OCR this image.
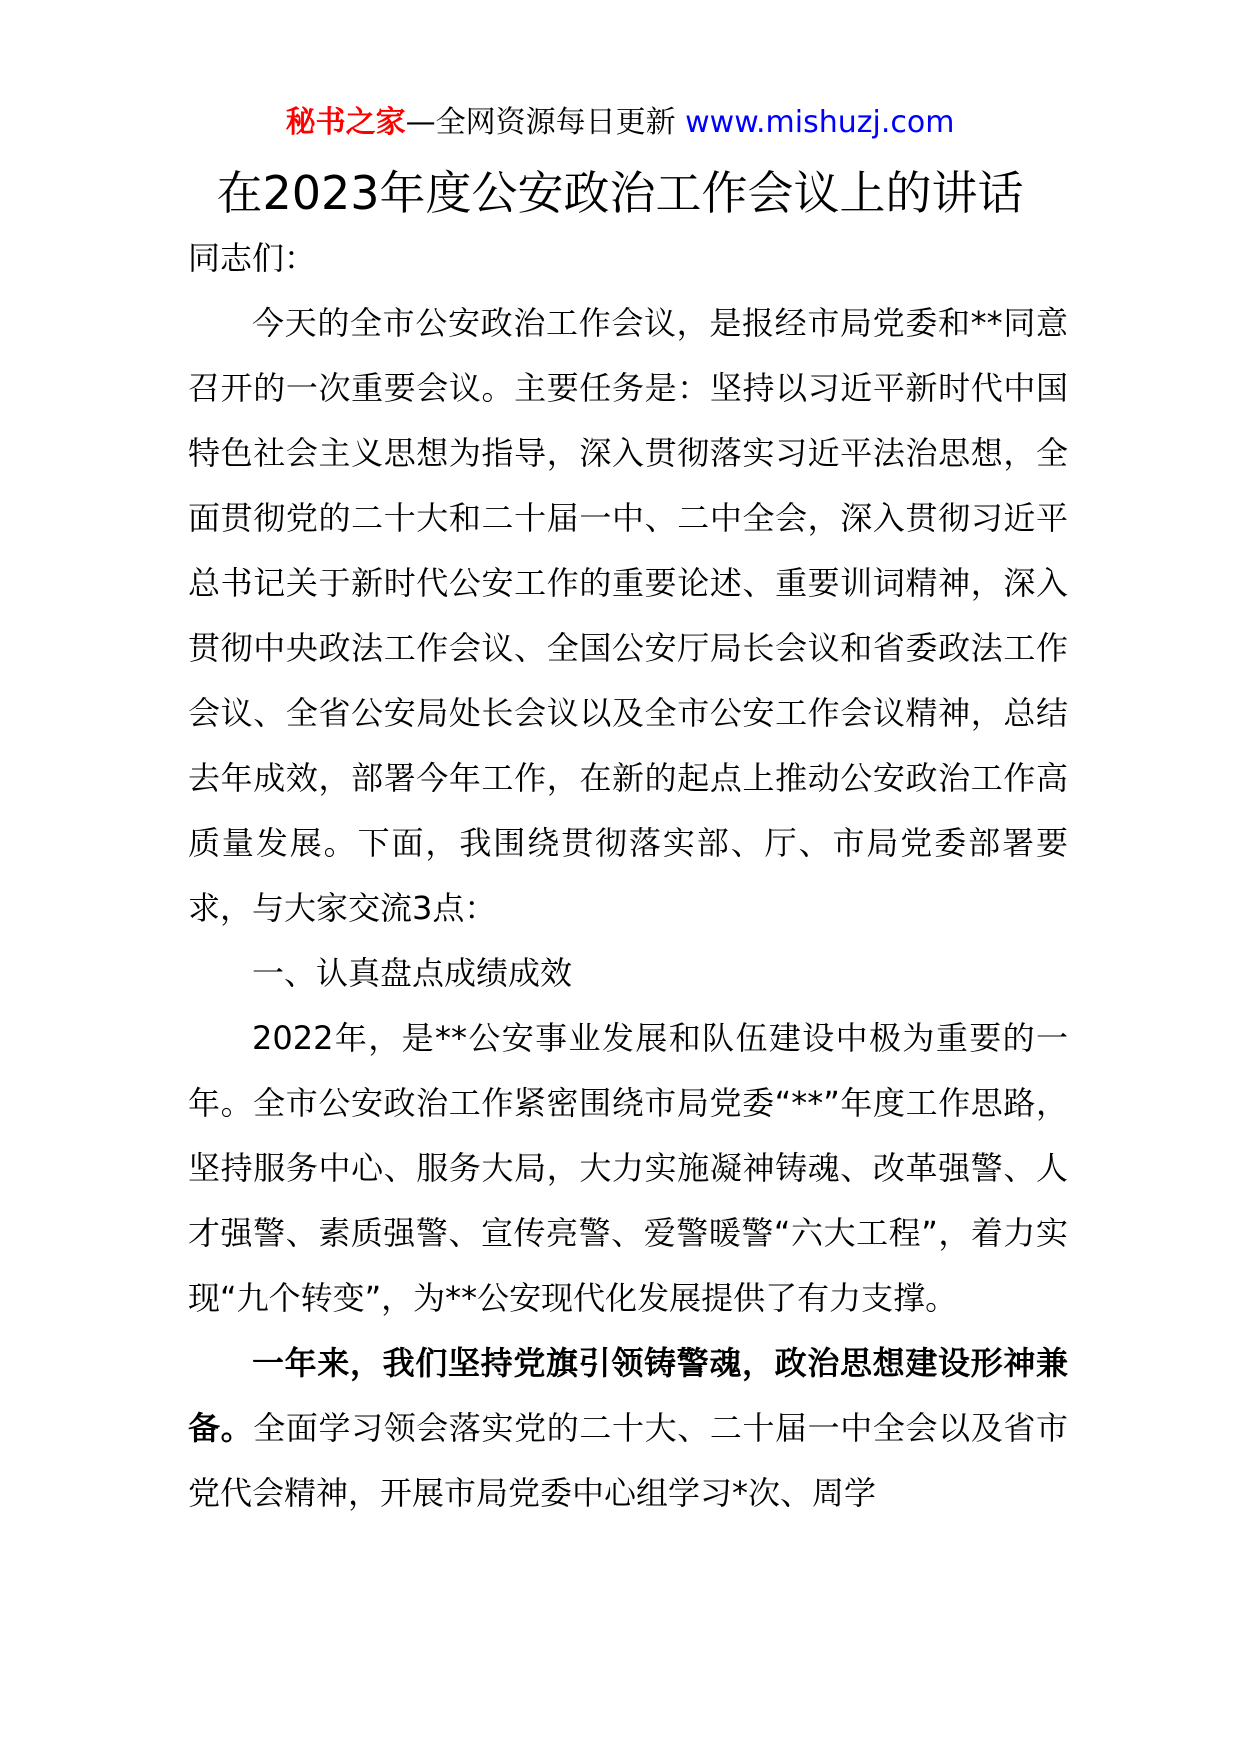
秘书之家—全网资源每日更新 www.mishuzj.com
在2023年度公安政治工作会议上的讲话

同志们：

今天的全市公安政治工作会议，是报经市局党委和**同意召开的一次重要会议。主要任务是：坚持以习近平新时代中国特色社会主义思想为指导，深入贯彻落实习近平法治思想，全面贯彻党的二十大和二十届一中、二中全会，深入贯彻习近平总书记关于新时代公安工作的重要论述、重要训词精神，深入贯彻中央政法工作会议、全国公安厅局长会议和省委政法工作会议、全省公安局处长会议以及全市公安工作会议精神，总结去年成效，部署今年工作，在新的起点上推动公安政治工作高质量发展。下面，我围绕贯彻落实部、厅、市局党委部署要求，与大家交流3点：

一、认真盘点成绩成效

2022年，是**公安事业发展和队伍建设中极为重要的一年。全市公安政治工作紧密围绕市局党委“**”年度工作思路，坚持服务中心、服务大局，大力实施凝神铸魂、改革强警、人才强警、素质强警、宣传亮警、爱警暖警“六大工程”，着力实现“九个转变”，为**公安现代化发展提供了有力支撑。

一年来，我们坚持党旗引领铸警魂，政治思想建设形神兼备。全面学习领会落实党的二十大、二十届一中全会以及省市党代会精神，开展市局党委中心组学习*次、周学
